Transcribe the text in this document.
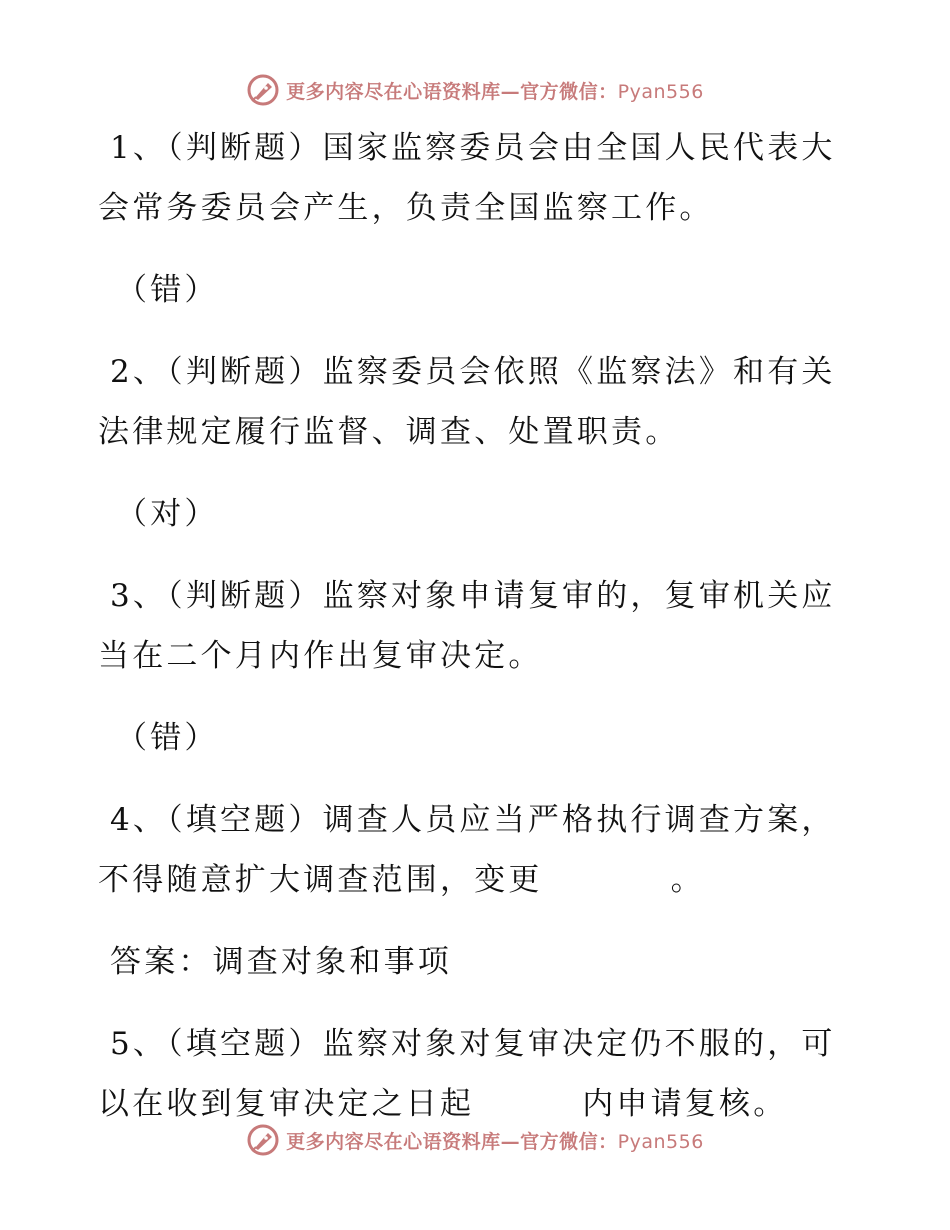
更多内容尽在心语资料库—官方微信：Pyan556
1、（判断题）国家监察委员会由全国人民代表大
会常务委员会产生，负责全国监察工作。
（错）
2、（判断题）监察委员会依照《监察法》和有关
法律规定履行监督、调查、处置职责。
（对）
3、（判断题）监察对象申请复审的，复审机关应
当在二个月内作出复审决定。
（错）
4、（填空题）调查人员应当严格执行调查方案，
不得随意扩大调查范围，变更	。
答案：调查对象和事项
5、（填空题）监察对象对复审决定仍不服的，可
以在收到复审决定之日起	内申请复核。
更多内容尽在心语资料库—官方微信：Pyan556
